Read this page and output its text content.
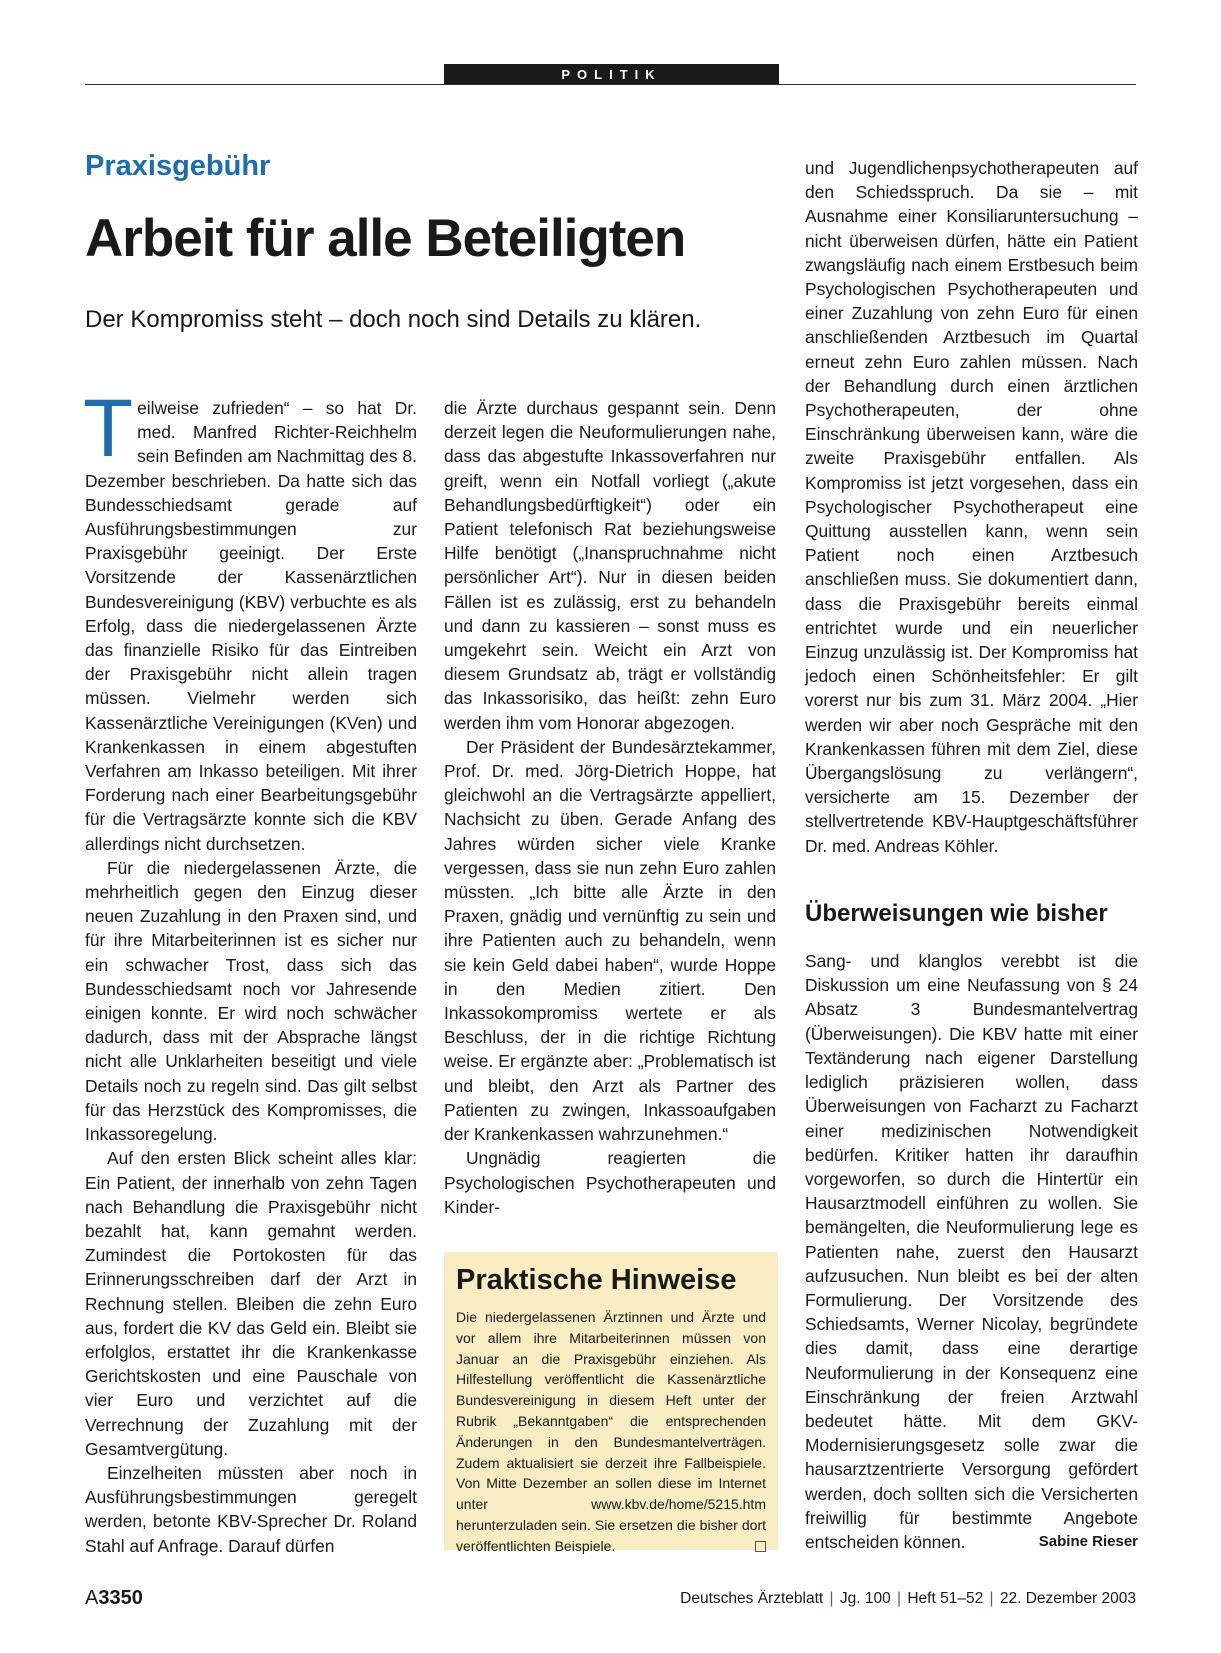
POLITIK
Praxisgebühr
Arbeit für alle Beteiligten
Der Kompromiss steht – doch noch sind Details zu klären.

Teilweise zufrieden“ – so hat Dr. med. Manfred Richter-Reichhelm sein Befinden am Nachmittag des 8. Dezember beschrieben. Da hatte sich das Bundesschiedsamt gerade auf Ausführungsbestimmungen zur Praxisgebühr geeinigt. Der Erste Vorsitzende der Kassenärztlichen Bundesvereinigung (KBV) verbuchte es als Erfolg, dass die niedergelassenen Ärzte das finanzielle Risiko für das Eintreiben der Praxisgebühr nicht allein tragen müssen. Vielmehr werden sich Kassenärztliche Vereinigungen (KVen) und Krankenkassen in einem abgestuften Verfahren am Inkasso beteiligen. Mit ihrer Forderung nach einer Bearbeitungsgebühr für die Vertragsärzte konnte sich die KBV allerdings nicht durchsetzen.

Für die niedergelassenen Ärzte, die mehrheitlich gegen den Einzug dieser neuen Zuzahlung in den Praxen sind, und für ihre Mitarbeiterinnen ist es sicher nur ein schwacher Trost, dass sich das Bundesschiedsamt noch vor Jahresende einigen konnte. Er wird noch schwächer dadurch, dass mit der Absprache längst nicht alle Unklarheiten beseitigt und viele Details noch zu regeln sind. Das gilt selbst für das Herzstück des Kompromisses, die Inkassoregelung.

Auf den ersten Blick scheint alles klar: Ein Patient, der innerhalb von zehn Tagen nach Behandlung die Praxisgebühr nicht bezahlt hat, kann gemahnt werden. Zumindest die Portokosten für das Erinnerungsschreiben darf der Arzt in Rechnung stellen. Bleiben die zehn Euro aus, fordert die KV das Geld ein. Bleibt sie erfolglos, erstattet ihr die Krankenkasse Gerichtskosten und eine Pauschale von vier Euro und verzichtet auf die Verrechnung der Zuzahlung mit der Gesamtvergütung.

Einzelheiten müssten aber noch in Ausführungsbestimmungen geregelt werden, betonte KBV-Sprecher Dr. Roland Stahl auf Anfrage. Darauf dürfen

die Ärzte durchaus gespannt sein. Denn derzeit legen die Neuformulierungen nahe, dass das abgestufte Inkassoverfahren nur greift, wenn ein Notfall vorliegt („akute Behandlungsbedürftigkeit“) oder ein Patient telefonisch Rat beziehungsweise Hilfe benötigt („Inanspruchnahme nicht persönlicher Art“). Nur in diesen beiden Fällen ist es zulässig, erst zu behandeln und dann zu kassieren – sonst muss es umgekehrt sein. Weicht ein Arzt von diesem Grundsatz ab, trägt er vollständig das Inkassorisiko, das heißt: zehn Euro werden ihm vom Honorar abgezogen.

Der Präsident der Bundesärztekammer, Prof. Dr. med. Jörg-Dietrich Hoppe, hat gleichwohl an die Vertragsärzte appelliert, Nachsicht zu üben. Gerade Anfang des Jahres würden sicher viele Kranke vergessen, dass sie nun zehn Euro zahlen müssten. „Ich bitte alle Ärzte in den Praxen, gnädig und vernünftig zu sein und ihre Patienten auch zu behandeln, wenn sie kein Geld dabei haben“, wurde Hoppe in den Medien zitiert. Den Inkassokompromiss wertete er als Beschluss, der in die richtige Richtung weise. Er ergänzte aber: „Problematisch ist und bleibt, den Arzt als Partner des Patienten zu zwingen, Inkassoaufgaben der Krankenkassen wahrzunehmen.“

Ungnädig reagierten die Psychologischen Psychotherapeuten und Kinder-

Praktische Hinweise

Die niedergelassenen Ärztinnen und Ärzte und vor allem ihre Mitarbeiterinnen müssen von Januar an die Praxisgebühr einziehen. Als Hilfestellung veröffentlicht die Kassenärztliche Bundesvereinigung in diesem Heft unter der Rubrik „Bekanntgaben“ die entsprechenden Änderungen in den Bundesmantelverträgen. Zudem aktualisiert sie derzeit ihre Fallbeispiele. Von Mitte Dezember an sollen diese im Internet unter www.kbv.de/home/5215.htm herunterzuladen sein. Sie ersetzen die bisher dort veröffentlichten Beispiele.

und Jugendlichenpsychotherapeuten auf den Schiedsspruch. Da sie – mit Ausnahme einer Konsiliaruntersuchung – nicht überweisen dürfen, hätte ein Patient zwangsläufig nach einem Erstbesuch beim Psychologischen Psychotherapeuten und einer Zuzahlung von zehn Euro für einen anschließenden Arztbesuch im Quartal erneut zehn Euro zahlen müssen. Nach der Behandlung durch einen ärztlichen Psychotherapeuten, der ohne Einschränkung überweisen kann, wäre die zweite Praxisgebühr entfallen. Als Kompromiss ist jetzt vorgesehen, dass ein Psychologischer Psychotherapeut eine Quittung ausstellen kann, wenn sein Patient noch einen Arztbesuch anschließen muss. Sie dokumentiert dann, dass die Praxisgebühr bereits einmal entrichtet wurde und ein neuerlicher Einzug unzulässig ist. Der Kompromiss hat jedoch einen Schönheitsfehler: Er gilt vorerst nur bis zum 31. März 2004. „Hier werden wir aber noch Gespräche mit den Krankenkassen führen mit dem Ziel, diese Übergangslösung zu verlängern“, versicherte am 15. Dezember der stellvertretende KBV-Hauptgeschäftsführer Dr. med. Andreas Köhler.

Überweisungen wie bisher

Sang- und klanglos verebbt ist die Diskussion um eine Neufassung von § 24 Absatz 3 Bundesmantelvertrag (Überweisungen). Die KBV hatte mit einer Textänderung nach eigener Darstellung lediglich präzisieren wollen, dass Überweisungen von Facharzt zu Facharzt einer medizinischen Notwendigkeit bedürfen. Kritiker hatten ihr daraufhin vorgeworfen, so durch die Hintertür ein Hausarztmodell einführen zu wollen. Sie bemängelten, die Neuformulierung lege es Patienten nahe, zuerst den Hausarzt aufzusuchen. Nun bleibt es bei der alten Formulierung. Der Vorsitzende des Schiedsamts, Werner Nicolay, begründete dies damit, dass eine derartige Neuformulierung in der Konsequenz eine Einschränkung der freien Arztwahl bedeutet hätte. Mit dem GKV-Modernisierungsgesetz solle zwar die hausarztzentrierte Versorgung gefördert werden, doch sollten sich die Versicherten freiwillig für bestimmte Angebote entscheiden können.	Sabine Rieser

A3350	Deutsches Ärzteblatt | Jg. 100 | Heft 51–52 | 22. Dezember 2003
